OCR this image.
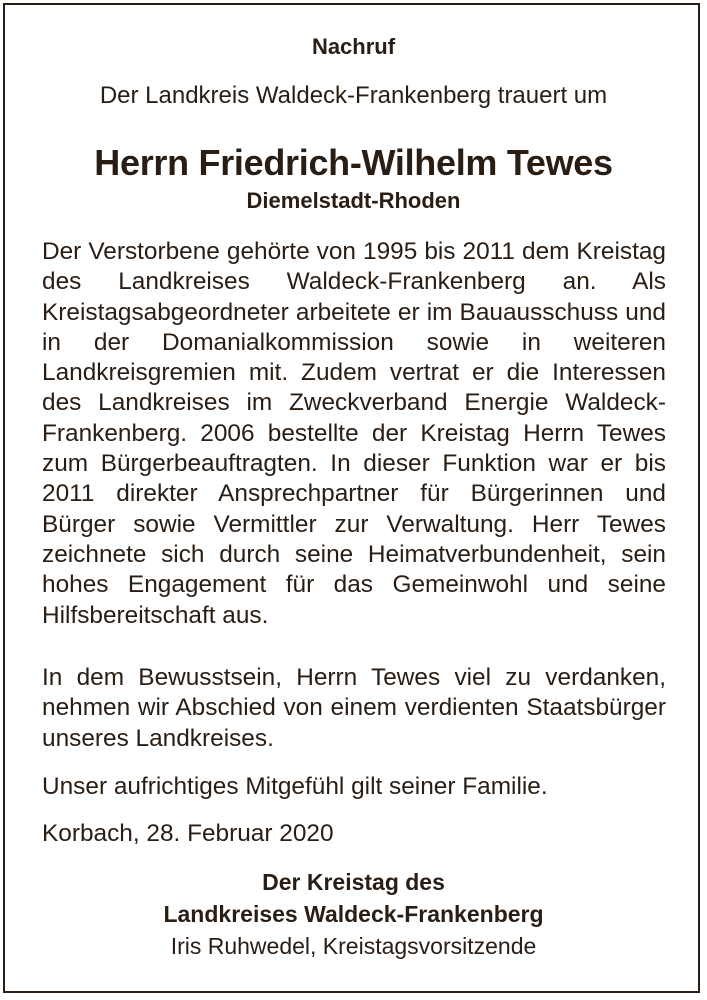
Nachruf
Der Landkreis Waldeck-Frankenberg trauert um
Herrn Friedrich-Wilhelm Tewes
Diemelstadt-Rhoden

Der Verstorbene gehörte von 1995 bis 2011 dem Kreistag des Landkreises Waldeck-Frankenberg an. Als Kreistagsabgeordneter arbeitete er im Bauausschuss und in der Domanialkommission sowie in weiteren Landkreisgremien mit. Zudem vertrat er die Interessen des Landkreises im Zweckverband Energie Waldeck-Frankenberg. 2006 bestellte der Kreistag Herrn Tewes zum Bürgerbeauftragten. In dieser Funktion war er bis 2011 direkter Ansprechpartner für Bürgerinnen und Bürger sowie Vermittler zur Verwaltung. Herr Tewes zeichnete sich durch seine Heimatverbundenheit, sein hohes Engagement für das Gemeinwohl und seine Hilfsbereitschaft aus.

In dem Bewusstsein, Herrn Tewes viel zu verdanken, nehmen wir Abschied von einem verdienten Staatsbürger unseres Landkreises.

Unser aufrichtiges Mitgefühl gilt seiner Familie.

Korbach, 28. Februar 2020

Der Kreistag des
Landkreises Waldeck-Frankenberg
Iris Ruhwedel, Kreistagsvorsitzende
